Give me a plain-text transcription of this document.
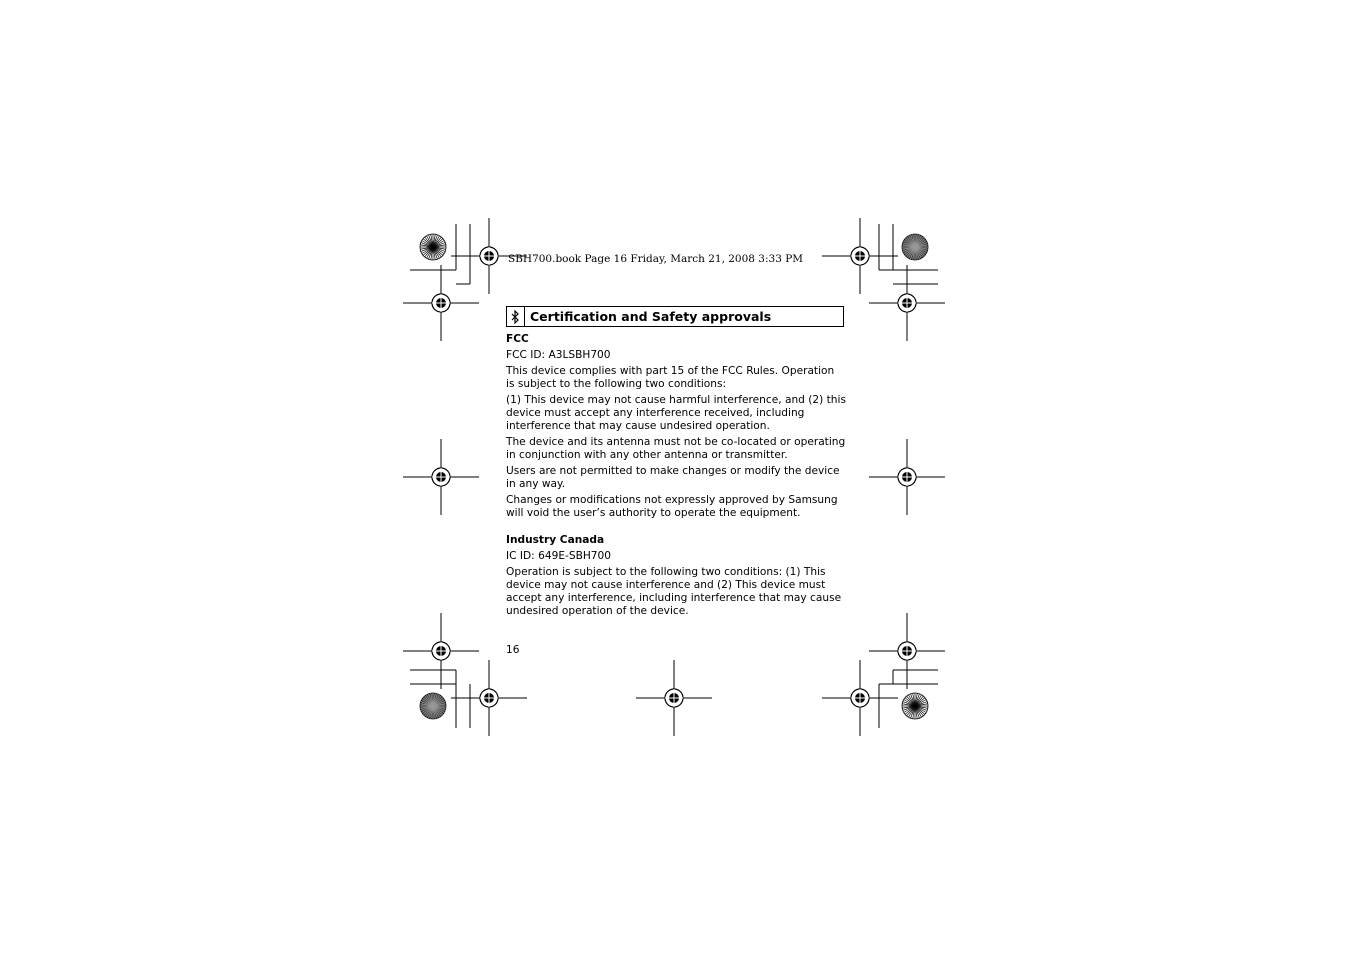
SBH700.book Page 16 Friday, March 21, 2008 3:33 PM
Certification and Safety approvals
FCC

FCC ID: A3LSBH700

This device complies with part 15 of the FCC Rules. Operation is subject to the following two conditions:

(1) This device may not cause harmful interference, and (2) this device must accept any interference received, including interference that may cause undesired operation.

The device and its antenna must not be co-located or operating in conjunction with any other antenna or transmitter.

Users are not permitted to make changes or modify the device in any way.

Changes or modifications not expressly approved by Samsung will void the user’s authority to operate the equipment.

Industry Canada

IC ID: 649E-SBH700

Operation is subject to the following two conditions: (1) This device may not cause interference and (2) This device must accept any interference, including interference that may cause undesired operation of the device.

16
